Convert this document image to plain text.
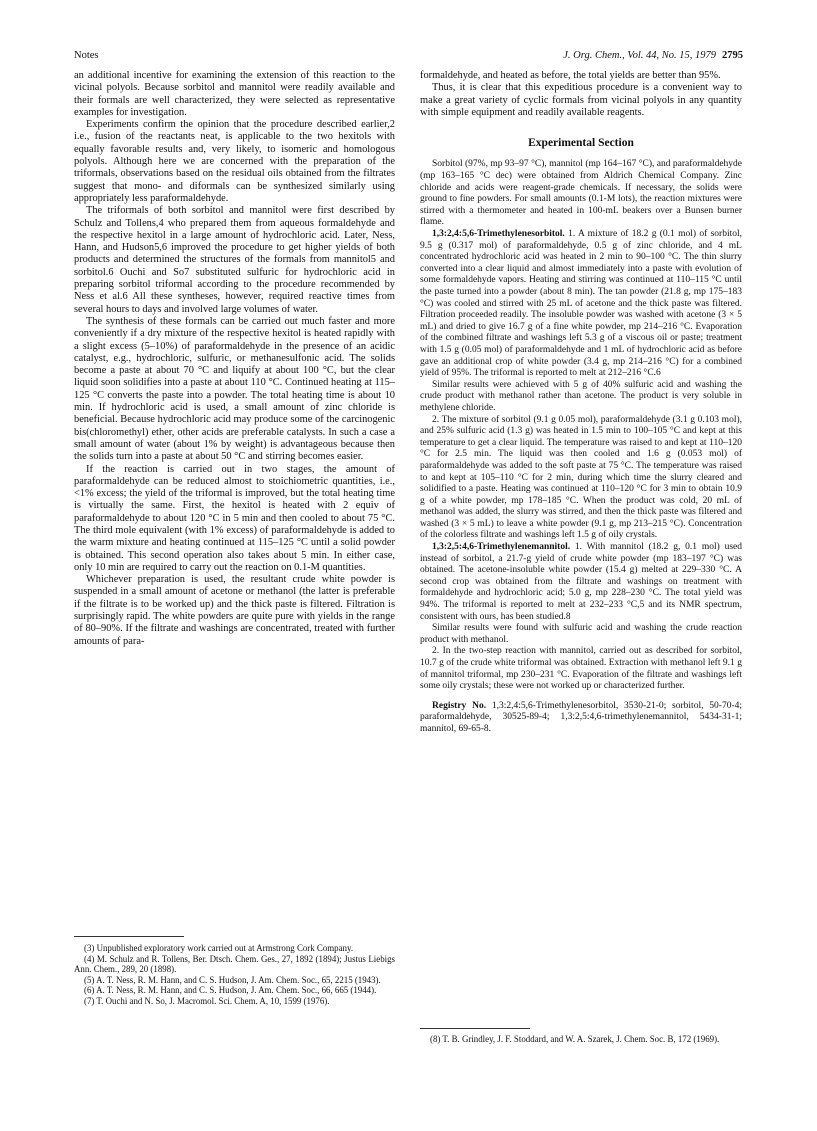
Notes	J. Org. Chem., Vol. 44, No. 15, 1979 2795

an additional incentive for examining the extension of this reaction to the vicinal polyols. Because sorbitol and mannitol were readily available and their formals are well characterized, they were selected as representative examples for investigation.

Experiments confirm the opinion that the procedure described earlier,2 i.e., fusion of the reactants neat, is applicable to the two hexitols with equally favorable results and, very likely, to isomeric and homologous polyols. Although here we are concerned with the preparation of the triformals, observations based on the residual oils obtained from the filtrates suggest that mono- and diformals can be synthesized similarly using appropriately less paraformaldehyde.

The triformals of both sorbitol and mannitol were first described by Schulz and Tollens,4 who prepared them from aqueous formaldehyde and the respective hexitol in a large amount of hydrochloric acid. Later, Ness, Hann, and Hudson5,6 improved the procedure to get higher yields of both products and determined the structures of the formals from mannitol5 and sorbitol.6 Ouchi and So7 substituted sulfuric for hydrochloric acid in preparing sorbitol triformal according to the procedure recommended by Ness et al.6 All these syntheses, however, required reactive times from several hours to days and involved large volumes of water.

The synthesis of these formals can be carried out much faster and more conveniently if a dry mixture of the respective hexitol is heated rapidly with a slight excess (5–10%) of paraformaldehyde in the presence of an acidic catalyst, e.g., hydrochloric, sulfuric, or methanesulfonic acid. The solids become a paste at about 70 °C and liquify at about 100 °C, but the clear liquid soon solidifies into a paste at about 110 °C. Continued heating at 115–125 °C converts the paste into a powder. The total heating time is about 10 min. If hydrochloric acid is used, a small amount of zinc chloride is beneficial. Because hydrochloric acid may produce some of the carcinogenic bis(chloromethyl) ether, other acids are preferable catalysts. In such a case a small amount of water (about 1% by weight) is advantageous because then the solids turn into a paste at about 50 °C and stirring becomes easier.

If the reaction is carried out in two stages, the amount of paraformaldehyde can be reduced almost to stoichiometric quantities, i.e., <1% excess; the yield of the triformal is improved, but the total heating time is virtually the same. First, the hexitol is heated with 2 equiv of paraformaldehyde to about 120 °C in 5 min and then cooled to about 75 °C. The third mole equivalent (with 1% excess) of paraformaldehyde is added to the warm mixture and heating continued at 115–125 °C until a solid powder is obtained. This second operation also takes about 5 min. In either case, only 10 min are required to carry out the reaction on 0.1-M quantities.

Whichever preparation is used, the resultant crude white powder is suspended in a small amount of acetone or methanol (the latter is preferable if the filtrate is to be worked up) and the thick paste is filtered. Filtration is surprisingly rapid. The white powders are quite pure with yields in the range of 80–90%. If the filtrate and washings are concentrated, treated with further amounts of para-

formaldehyde, and heated as before, the total yields are better than 95%.

Thus, it is clear that this expeditious procedure is a convenient way to make a great variety of cyclic formals from vicinal polyols in any quantity with simple equipment and readily available reagents.

Experimental Section

Sorbitol (97%, mp 93–97 °C), mannitol (mp 164–167 °C), and paraformaldehyde (mp 163–165 °C dec) were obtained from Aldrich Chemical Company. Zinc chloride and acids were reagent-grade chemicals. If necessary, the solids were ground to fine powders. For small amounts (0.1-M lots), the reaction mixtures were stirred with a thermometer and heated in 100-mL beakers over a Bunsen burner flame.

1,3:2,4:5,6-Trimethylenesorbitol. 1. A mixture of 18.2 g (0.1 mol) of sorbitol, 9.5 g (0.317 mol) of paraformaldehyde, 0.5 g of zinc chloride, and 4 mL concentrated hydrochloric acid was heated in 2 min to 90–100 °C. The thin slurry converted into a clear liquid and almost immediately into a paste with evolution of some formaldehyde vapors. Heating and stirring was continued at 110–115 °C until the paste turned into a powder (about 8 min). The tan powder (21.8 g, mp 175–183 °C) was cooled and stirred with 25 mL of acetone and the thick paste was filtered. Filtration proceeded readily. The insoluble powder was washed with acetone (3 × 5 mL) and dried to give 16.7 g of a fine white powder, mp 214–216 °C. Evaporation of the combined filtrate and washings left 5.3 g of a viscous oil or paste; treatment with 1.5 g (0.05 mol) of paraformaldehyde and 1 mL of hydrochloric acid as before gave an additional crop of white powder (3.4 g, mp 214–216 °C) for a combined yield of 95%. The triformal is reported to melt at 212–216 °C.6

Similar results were achieved with 5 g of 40% sulfuric acid and washing the crude product with methanol rather than acetone. The product is very soluble in methylene chloride.

2. The mixture of sorbitol (9.1 g 0.05 mol), paraformaldehyde (3.1 g 0.103 mol), and 25% sulfuric acid (1.3 g) was heated in 1.5 min to 100–105 °C and kept at this temperature to get a clear liquid. The temperature was raised to and kept at 110–120 °C for 2.5 min. The liquid was then cooled and 1.6 g (0.053 mol) of paraformaldehyde was added to the soft paste at 75 °C. The temperature was raised to and kept at 105–110 °C for 2 min, during which time the slurry cleared and solidified to a paste. Heating was continued at 110–120 °C for 3 min to obtain 10.9 g of a white powder, mp 178–185 °C. When the product was cold, 20 mL of methanol was added, the slurry was stirred, and then the thick paste was filtered and washed (3 × 5 mL) to leave a white powder (9.1 g, mp 213–215 °C). Concentration of the colorless filtrate and washings left 1.5 g of oily crystals.

1,3:2,5:4,6-Trimethylenemannitol. 1. With mannitol (18.2 g, 0.1 mol) used instead of sorbitol, a 21.7-g yield of crude white powder (mp 183–197 °C) was obtained. The acetone-insoluble white powder (15.4 g) melted at 229–330 °C. A second crop was obtained from the filtrate and washings on treatment with formaldehyde and hydrochloric acid; 5.0 g, mp 228–230 °C. The total yield was 94%. The triformal is reported to melt at 232–233 °C,5 and its NMR spectrum, consistent with ours, has been studied.8

Similar results were found with sulfuric acid and washing the crude reaction product with methanol.

2. In the two-step reaction with mannitol, carried out as described for sorbitol, 10.7 g of the crude white triformal was obtained. Extraction with methanol left 9.1 g of mannitol triformal, mp 230–231 °C. Evaporation of the filtrate and washings left some oily crystals; these were not worked up or characterized further.

Registry No. 1,3:2,4:5,6-Trimethylenesorbitol, 3530-21-0; sorbitol, 50-70-4; paraformaldehyde, 30525-89-4; 1,3:2,5:4,6-trimethylenemannitol, 5434-31-1; mannitol, 69-65-8.

(3) Unpublished exploratory work carried out at Armstrong Cork Company.

(4) M. Schulz and R. Tollens, Ber. Dtsch. Chem. Ges., 27, 1892 (1894); Justus Liebigs Ann. Chem., 289, 20 (1898).

(5) A. T. Ness, R. M. Hann, and C. S. Hudson, J. Am. Chem. Soc., 65, 2215 (1943).

(6) A. T. Ness, R. M. Hann, and C. S. Hudson, J. Am. Chem. Soc., 66, 665 (1944).

(7) T. Ouchi and N. So, J. Macromol. Sci. Chem. A, 10, 1599 (1976).

(8) T. B. Grindley, J. F. Stoddard, and W. A. Szarek, J. Chem. Soc. B, 172 (1969).
